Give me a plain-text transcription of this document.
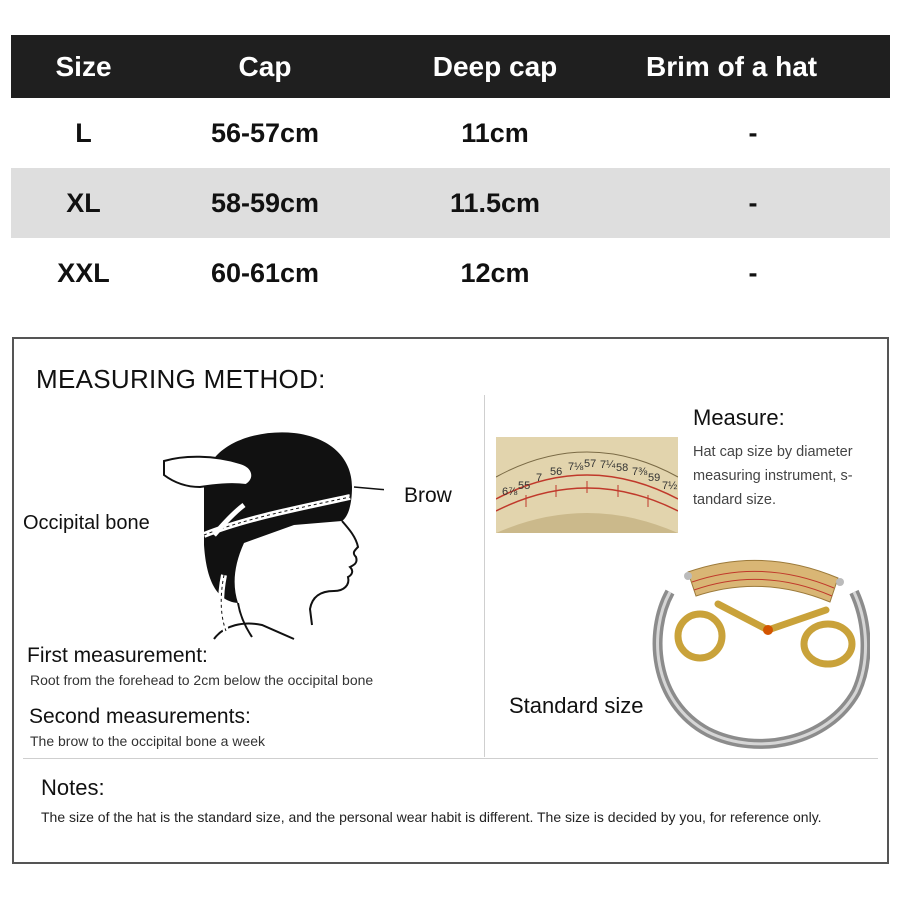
Size	Cap	Deep cap	Brim of a hat
L	56-57cm	11cm	-
XL	58-59cm	11.5cm	-
XXL	60-61cm	12cm	-
MEASURING METHOD:
Occipital bone
Brow
First measurement:
Root from the forehead to 2cm below the occipital bone
Second measurements:
The brow to the occipital bone a week
6⅞ 55
7 56 7⅛ 57 7¼ 58 7⅜ 59
7½
Measure:
Hat cap size by diameter measuring instrument, s- tandard size.
Standard size
Notes:
The size of the hat is the standard size, and the personal wear habit is different. The size is decided by you, for reference only.
